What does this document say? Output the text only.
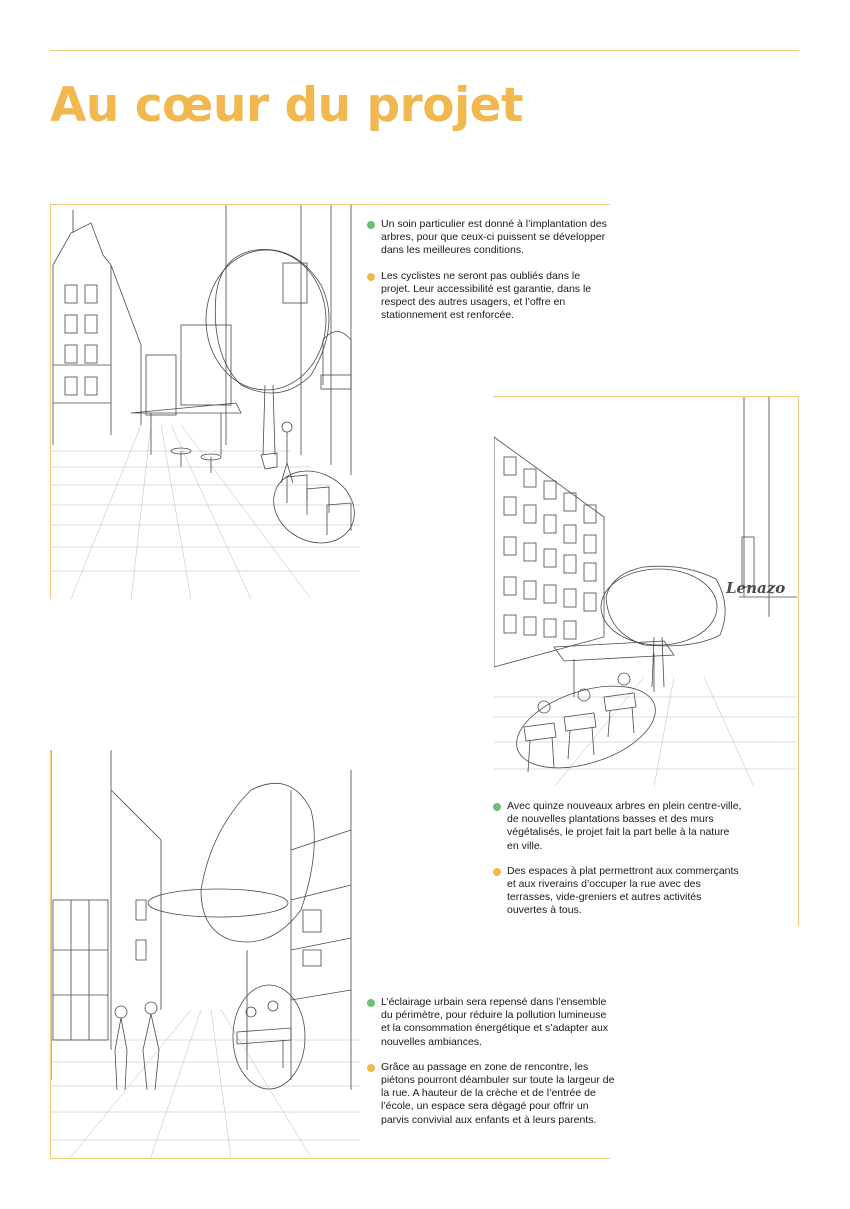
Au cœur du projet
Un soin particulier est donné à l’implantation des arbres, pour que ceux-ci puissent se développer dans les meilleures conditions.
Les cyclistes ne seront pas oubliés dans le projet. Leur accessibilité est garantie, dans le respect des autres usagers, et l’offre en stationnement est renforcée.
Lenazo
Avec quinze nouveaux arbres en plein centre-ville, de nouvelles plantations basses et des murs végétalisés, le projet fait la part belle à la nature en ville.
Des espaces à plat permettront aux commerçants et aux riverains d’occuper la rue avec des terrasses, vide-greniers et autres activités ouvertes à tous.
L’éclairage urbain sera repensé dans l’ensemble du périmètre, pour réduire la pollution lumineuse et la consommation énergétique et s’adapter aux nouvelles ambiances.
Grâce au passage en zone de rencontre, les piétons pourront déambuler sur toute la largeur de la rue. A hauteur de la crèche et de l’entrée de l’école, un espace sera dégagé pour offrir un parvis convivial aux enfants et à leurs parents.
